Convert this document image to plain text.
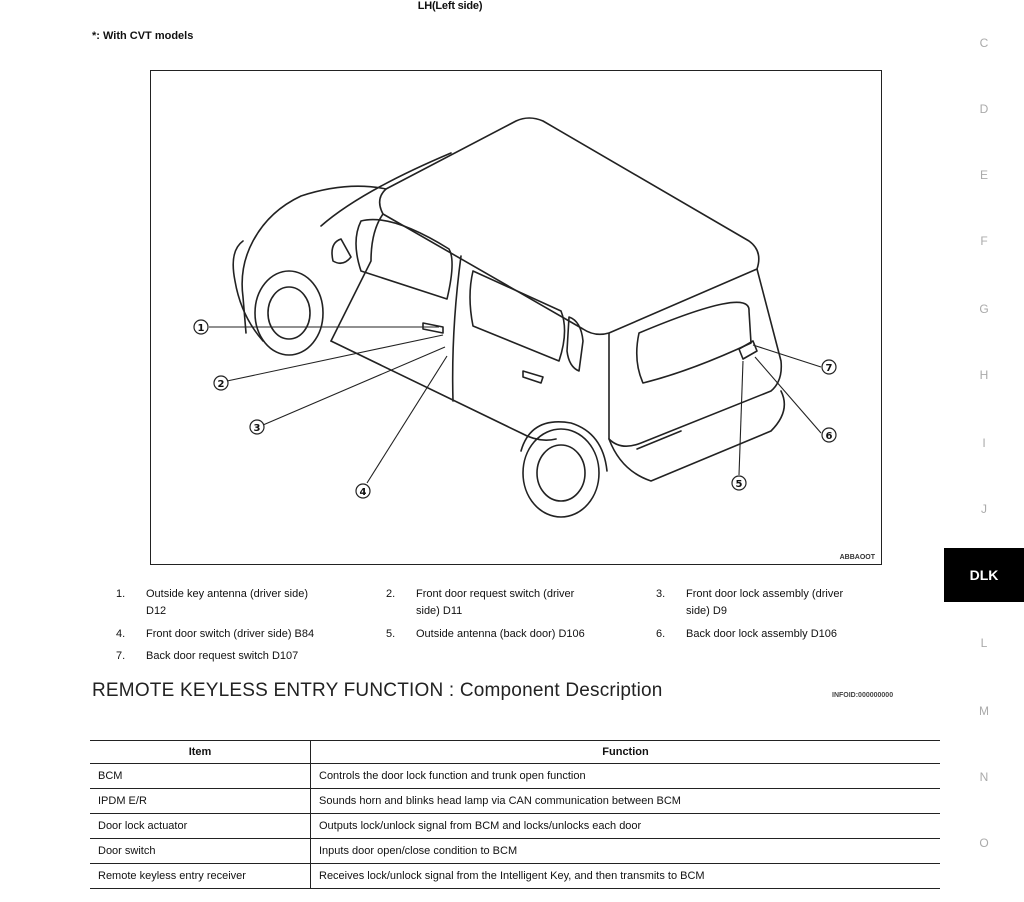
LH(Left side)
*: With CVT models
1
2
3
4
5
6
7
ABBAOOT
1. Outside key antenna (driver side)
D12
2. Front door request switch (driver
side) D11
3. Front door lock assembly (driver
side) D9
4. Front door switch (driver side) B84	5. Outside antenna (back door) D106	6. Back door lock assembly D106
7. Back door request switch D107
REMOTE KEYLESS ENTRY FUNCTION : Component Description	INFOID:000000000
Item	Function
BCM	Controls the door lock function and trunk open function
IPDM E/R	Sounds horn and blinks head lamp via CAN communication between BCM
Door lock actuator	Outputs lock/unlock signal from BCM and locks/unlocks each door
Door switch	Inputs door open/close condition to BCM
Remote keyless entry receiver	Receives lock/unlock signal from the Intelligent Key, and then transmits to BCM
C
D
E
F
G
H
I
J
DLK
L
M
N
O
